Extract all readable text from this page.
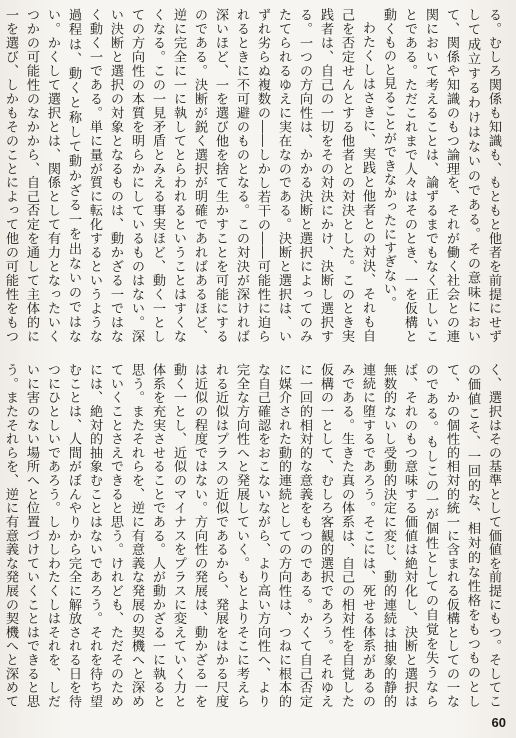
る。むしろ関係も知識も、もともと他者を前提にせずして成立するわけはないのである。その意味において、関係や知識のもつ論理を、それが働く社会との連関において考えることは、論ずるまでもなく正しいことである。ただこれまで人々はそのとき、一を仮構と動くものと見ることができなかったにすぎない。

わたくしはさきに、実践と他者との対決、それも自己を否定せんとする他者との対決とした。このとき実践者は、自己の一切をその対決にかけ、決断し選択する。一つの方向性は、かかる決断と選択によってのみたてられるゆえに実在なのである。決断と選択は、いずれ劣らぬ複数の――しかし若干の――可能性に迫られるときに不可避のものとなる。この対決が深ければ深いほど、一を選び他を捨て生かすことを可能にするのである。決断が鋭く選択が明確であればあるほど、逆に完全に一に執してとらわれるということはすくなくなる。この一見矛盾とみえる事実ほど、動く一としての方向性の本質を明らかにしているものはない。深い決断と選択の対象となるものは、動かざる一ではなく動く一である。単に量が質に転化するというような過程は、動くと称して動かざる一を出ないのではない。かくして選択とは、関係として有力となったいくつかの可能性のなかから、自己否定を通して主体的に一を選び、しかもそのことによって他の可能性をもつ

く、選択はその基準として価値を前提にもつ。そしてこの価値こそ、一回的な、相対的な性格をもつものとして、かの個性的相対的統一に含まれる仮構としての一なのである。もしこの一が個性としての自覚を失うならば、それのもつ意味する価値は絶対化し、決断と選択は無数的ないし受動的決定に変じ、動的連続は抽象的静的連続に堕するであろう。そこには、死せる体系があるのみである。生きた真の体系は、自己の相対性を自覚した仮構の一として、むしろ客観的選択であろう。それゆえに一回的相対的な意義をもつのである。かくて自己否定に媒介された動的連続としての方向性は、つねに根本的な自己確認をおこないながら、より高い方向性へ、より完全な方向性へと発展していく。もとよりそこに考えられる近似はプラスの近似であるから、発展をはかる尺度は近似の程度ではない。方向性の発展は、動かざる一を動く一とし、近似のマイナスをプラスに変えていく力と体系を充実させることである。人が動かざる一に執ると思う。またそれらを、逆に有意義な発展の契機へと深めていくことさえできると思う。けれども、ただそのためには、絶対的抽象むことはないであろう。それを待ち望むことは、人間がぼんやりから完全に解放される日を待つにひとしいであろう。しかしわたくしはそれを、しだいに害のない場所へと位置づけていくことはできると思う。またそれらを、逆に有意義な発展の契機へと深めて

60
